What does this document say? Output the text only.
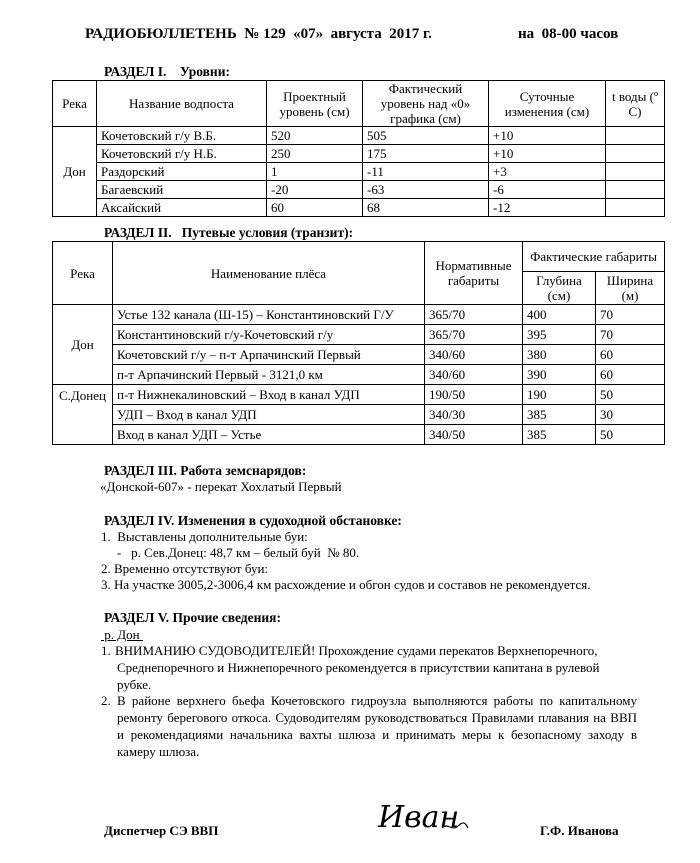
РАДИОБЮЛЛЕТЕНЬ  № 129  «07»  августа  2017 г.	на  08-00 часов
РАЗДЕЛ I.    Уровни:
Река	Название водпоста	Проектный уровень (см)	Фактический уровень над «0» графика (см)	Суточные изменения (см)	t воды (º C)
Дон	Кочетовский г/у В.Б.	520	505	+10	
	Кочетовский г/у Н.Б.	250	175	+10	
	Раздорский	1	-11	+3	
	Багаевский	-20	-63	-6	
	Аксайский	60	68	-12	
РАЗДЕЛ II.   Путевые условия (транзит):
Река	Наименование плёса	Нормативные габариты	Фактические габариты	
			Глубина (см)	Ширина (м)
Дон	Устье 132 канала (Ш-15) – Константиновский Г/У	365/70	400	70
	Константиновский г/у-Кочетовский г/у	365/70	395	70
	Кочетовский г/у – п-т Арпачинский Первый	340/60	380	60
	п-т Арпачинский Первый - 3121,0 км	340/60	390	60
С.Донец	п-т Нижнекалиновский – Вход в канал УДП	190/50	190	50
	УДП – Вход в канал УДП	340/30	385	30
	Вход в канал УДП – Устье	340/50	385	50
РАЗДЕЛ III. Работа земснарядов:
«Донской-607» - перекат Хохлатый Первый
РАЗДЕЛ IV. Изменения в судоходной обстановке:
1.  Выставлены дополнительные буи:
-   р. Сев.Донец: 48,7 км – белый буй  № 80.
2. Временно отсутствуют буи:
3. На участке 3005,2-3006,4 км расхождение и обгон судов и составов не рекомендуется.
РАЗДЕЛ V. Прочие сведения:
р. Дон
1. ВНИМАНИЮ СУДОВОДИТЕЛЕЙ! Прохождение судами перекатов Верхнепоречного, Среднепоречного и Нижнепоречного рекомендуется в присутствии капитана в рулевой рубке.
2. В районе верхнего бьефа Кочетовского гидроузла выполняются работы по капитальному ремонту берегового откоса. Судоводителям руководствоваться Правилами плавания на ВВП и рекомендациями начальника вахты шлюза и принимать меры к безопасному заходу в камеру шлюза.
Диспетчер СЭ ВВП	Иван	Г.Ф. Иванова
